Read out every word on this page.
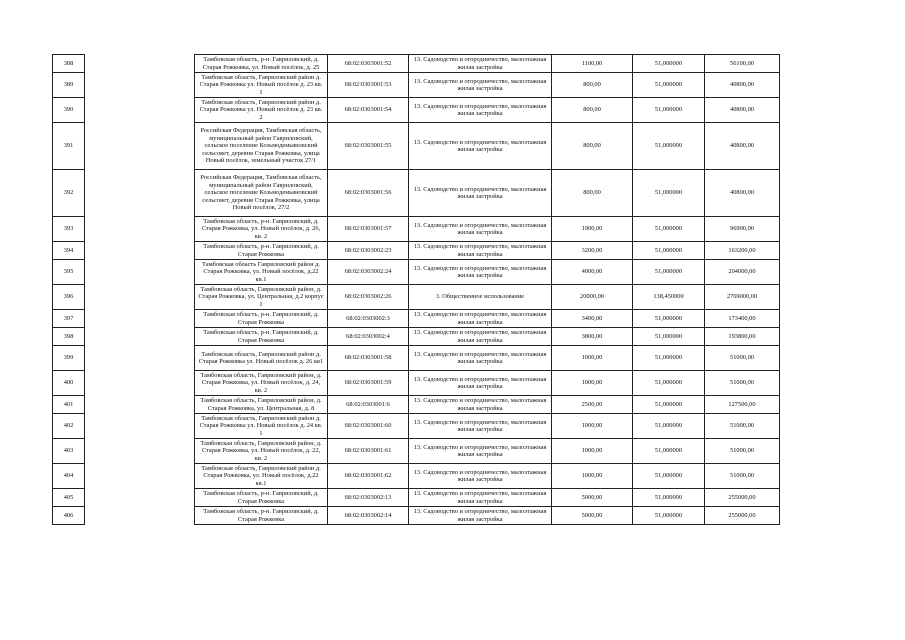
388		Тамбовская область, р-н. Гавриловский, д. Старая Рожковка, ул. Новый посёлок, д. 25	68:02:0303001:52	13. Садоводство и огородничество, малоэтажная жилая застройка	1100,00	51,000000	56100,00
389		Тамбовская область, Гавриловский район д. Старая Рожковка ул. Новый посёлок д. 23 кв. 1	68:02:0303001:53	13. Садоводство и огородничество, малоэтажная жилая застройка	800,00	51,000000	40800,00
390		Тамбовская область, Гавриловский район д. Старая Рожковка ул. Новый посёлок д. 23 кв. 2	68:02:0303001:54	13. Садоводство и огородничество, малоэтажная жилая застройка	800,00	51,000000	40800,00
391		Российская Федерация, Тамбовская область, муниципальный район Гавриловский, сельское поселение Козьмодемьяновский сельсовет, деревня Старая Рожковка, улица Новый посёлок, земельный участок 27/1	68:02:0303001:55	13. Садоводство и огородничество, малоэтажная жилая застройка	800,00	51,000000	40800,00
392		Российская Федерация, Тамбовская область, муниципальный район Гавриловский, сельское поселение Козьмодемьяновский сельсовет, деревня Старая Рожковка, улица Новый посёлок, 27/2	68:02:0303001:56	13. Садоводство и огородничество, малоэтажная жилая застройка	800,00	51,000000	40800,00
393		Тамбовская область, р-н. Гавриловский, д. Старая Рожковка, ул. Новый посёлок, д. 26, кв. 2	68:02:0303001:57	13. Садоводство и огородничество, малоэтажная жилая застройка	1900,00	51,000000	96900,00
394		Тамбовская область, р-н. Гавриловский, д. Старая Рожковка	68:02:0303002:23	13. Садоводство и огородничество, малоэтажная жилая застройка	3200,00	51,000000	163200,00
395		Тамбовская область Гавриловский район д. Старая Рожковка, ул. Новый посёлок, д.22 кв.1	68:02:0303002:24	13. Садоводство и огородничество, малоэтажная жилая застройка	4000,00	51,000000	204000,00
396		Тамбовская область, Гавриловский район, д. Старая Рожковка, ул. Центральная, д.2 корпус 1	68:02:0303002:26	3. Общественное использование	20000,00	138,450000	2769000,00
397		Тамбовская область, р-н. Гавриловский, д. Старая Рожковка	68:02:0303002:3	13. Садоводство и огородничество, малоэтажная жилая застройка	3400,00	51,000000	173400,00
398		Тамбовская область, р-н. Гавриловский, д. Старая Рожковка	68:02:0303002:4	13. Садоводство и огородничество, малоэтажная жилая застройка	3800,00	51,000000	193800,00
399		Тамбовская область, Гавриловский район д. Старая Рожковка ул. Новый посёлок д. 26 кв1	68:02:0303001:58	13. Садоводство и огородничество, малоэтажная жилая застройка	1000,00	51,000000	51000,00
400		Тамбовская область, Гавриловский район, д. Старая Рожковка, ул. Новый посёлок, д. 24, кв. 2	68:02:0303001:59	13. Садоводство и огородничество, малоэтажная жилая застройка	1000,00	51,000000	51000,00
401		Тамбовская область, Гавриловский район, д. Старая Рожковка, ул. Центральная, д. 8	68:02:0303001:6	13. Садоводство и огородничество, малоэтажная жилая застройка	2500,00	51,000000	127500,00
402		Тамбовская область, Гавриловский район д. Старая Рожковка ул. Новый посёлок д. 24 кв. 1	68:02:0303001:60	13. Садоводство и огородничество, малоэтажная жилая застройка	1000,00	51,000000	51000,00
403		Тамбовская область, Гавриловский район, д. Старая Рожковка, ул. Новый посёлок, д. 22, кв. 2	68:02:0303001:61	13. Садоводство и огородничество, малоэтажная жилая застройка	1000,00	51,000000	51000,00
404		Тамбовская область, Гавриловский район д. Старая Рожковка, ул. Новый посёлок, д.22 кв.1	68:02:0303001:62	13. Садоводство и огородничество, малоэтажная жилая застройка	1000,00	51,000000	51000,00
405		Тамбовская область, р-н. Гавриловский, д. Старая Рожковка	68:02:0303002:13	13. Садоводство и огородничество, малоэтажная жилая застройка	5000,00	51,000000	255000,00
406		Тамбовская область, р-н. Гавриловский, д. Старая Рожковка	68:02:0303002:14	13. Садоводство и огородничество, малоэтажная жилая застройка	5000,00	51,000000	255000,00
